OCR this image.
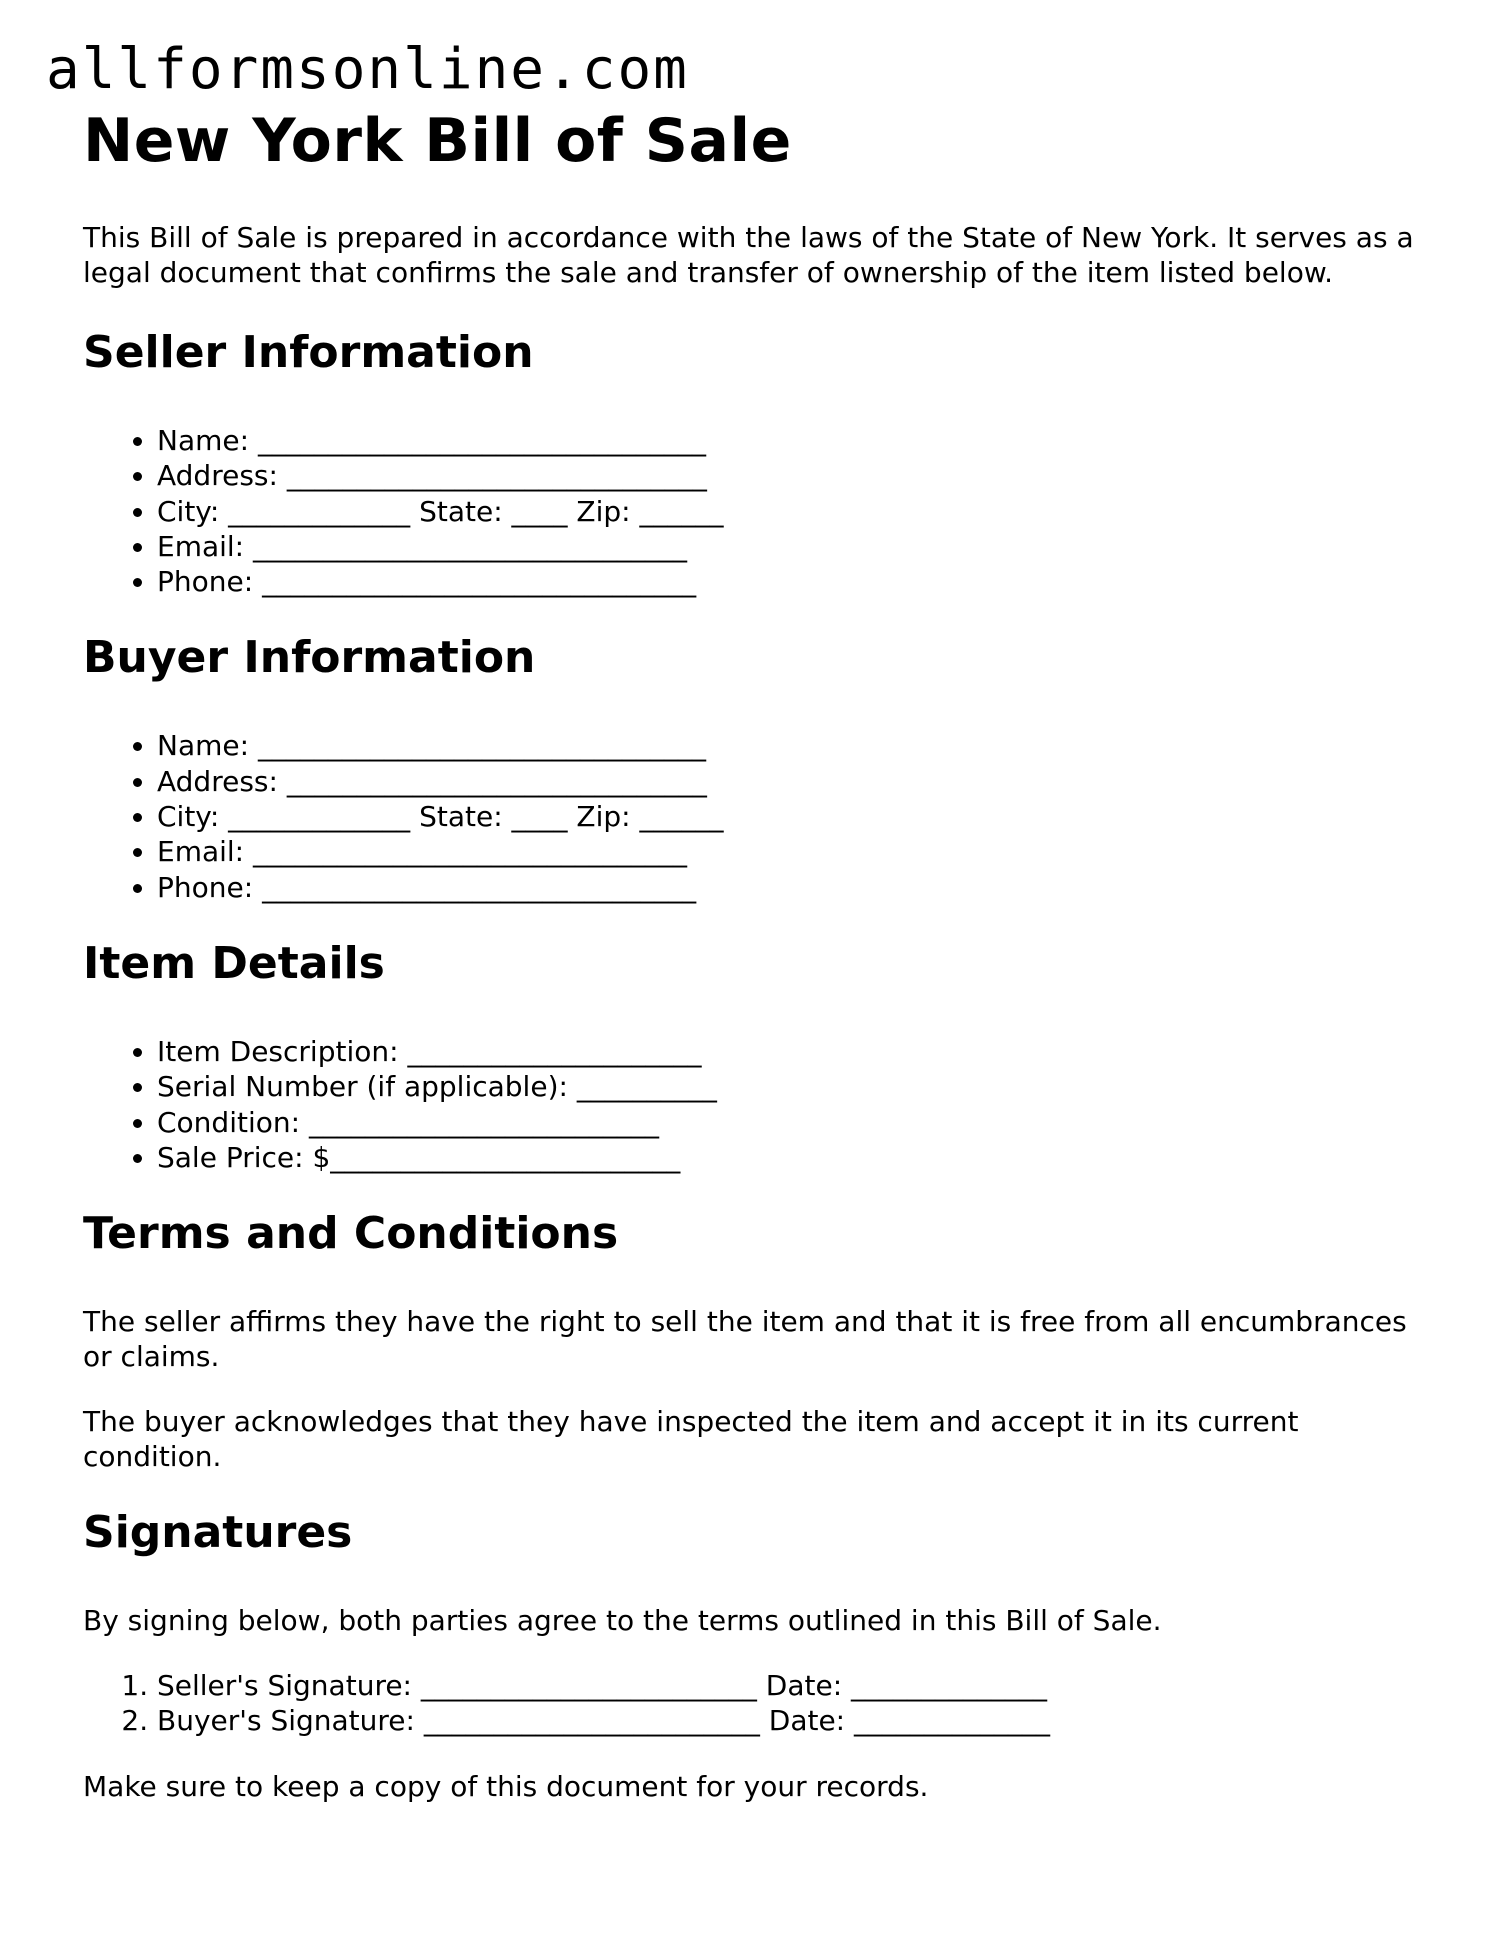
allformsonline.com
New York Bill of Sale

This Bill of Sale is prepared in accordance with the laws of the State of New York. It serves as a legal document that confirms the sale and transfer of ownership of the item listed below.

Seller Information
• Name: ________________________________
• Address: ______________________________
• City: _____________ State: ____ Zip: ______
• Email: _______________________________
• Phone: _______________________________
Buyer Information
• Name: ________________________________
• Address: ______________________________
• City: _____________ State: ____ Zip: ______
• Email: _______________________________
• Phone: _______________________________
Item Details
• Item Description: _____________________
• Serial Number (if applicable): __________
• Condition: _________________________
• Sale Price: $_________________________
Terms and Conditions

The seller affirms they have the right to sell the item and that it is free from all encumbrances or claims.

The buyer acknowledges that they have inspected the item and accept it in its current condition.

Signatures

By signing below, both parties agree to the terms outlined in this Bill of Sale.

1. Seller's Signature: ________________________ Date: ______________
2. Buyer's Signature: ________________________ Date: ______________

Make sure to keep a copy of this document for your records.
